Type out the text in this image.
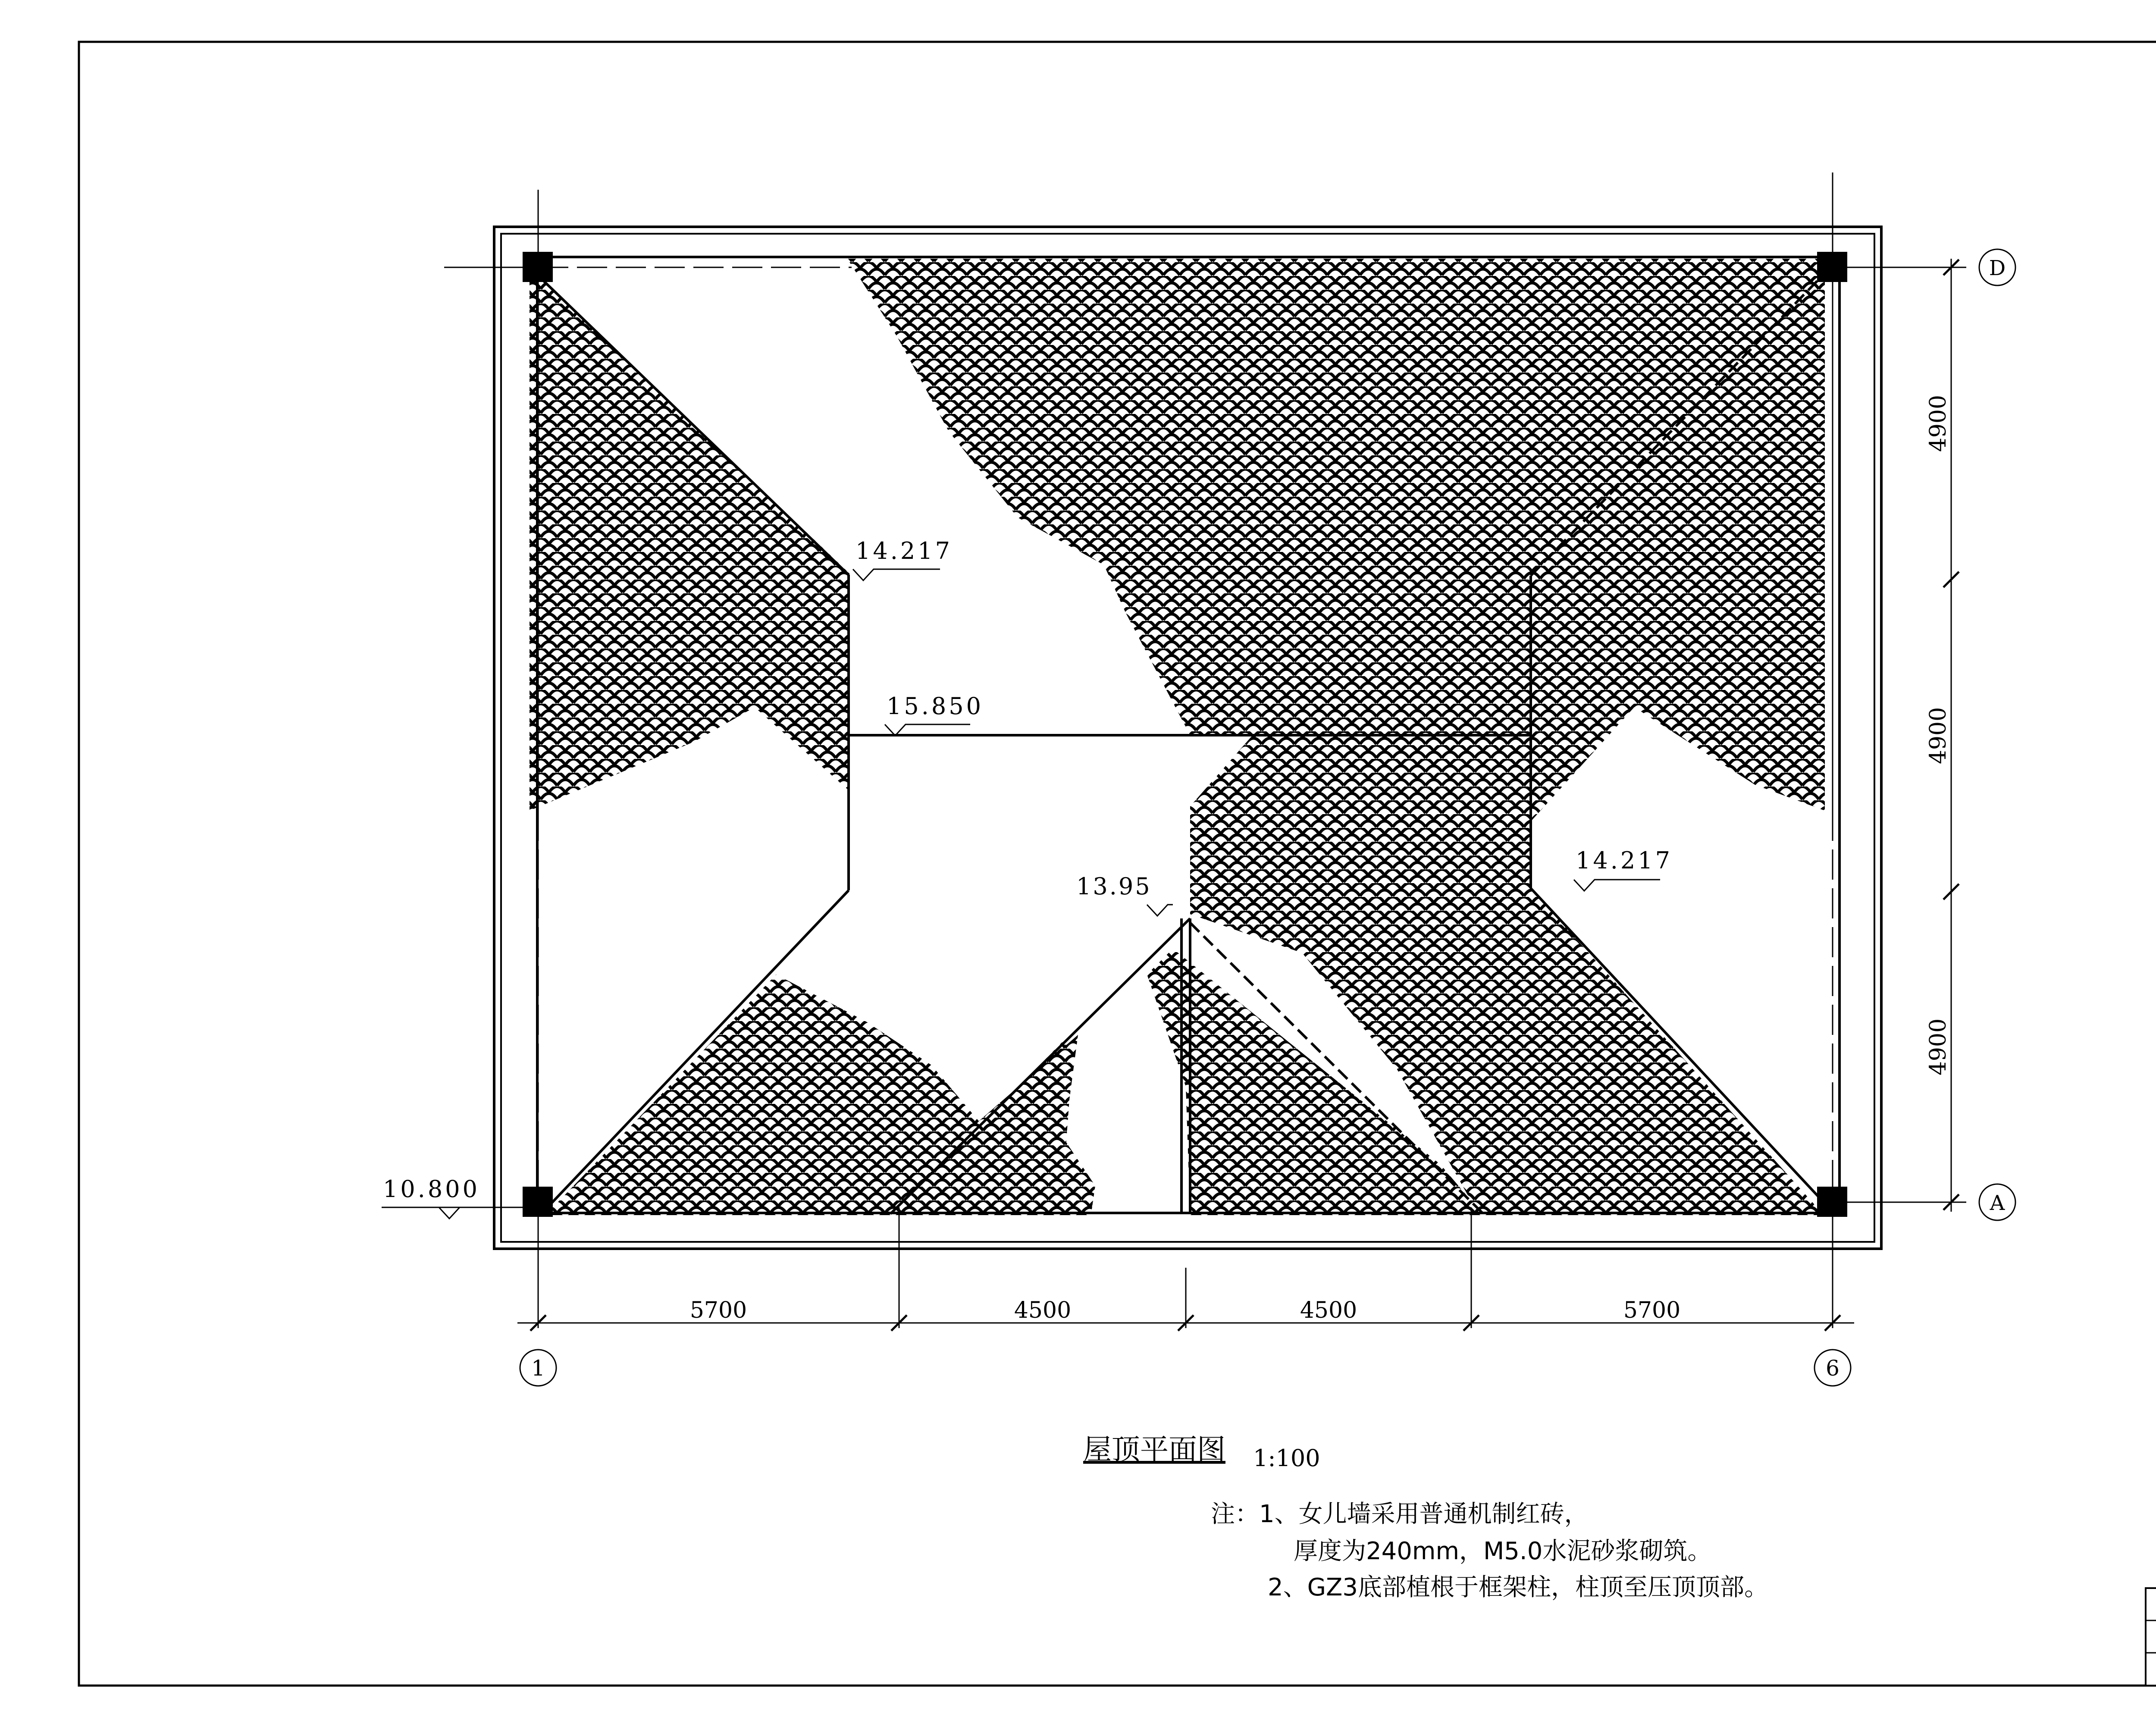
5700	4500	4500	5700
4900
4900
4900
1	6
D
A
14.217
15.850
13.95
14.217
10.800
屋顶平面图 1:100
注： 1、女儿墙采用普通机制红砖，
厚度为240mm，M5.0水泥砂浆砌筑。
2、GZ3底部植根于框架柱，柱顶至压顶顶部。
